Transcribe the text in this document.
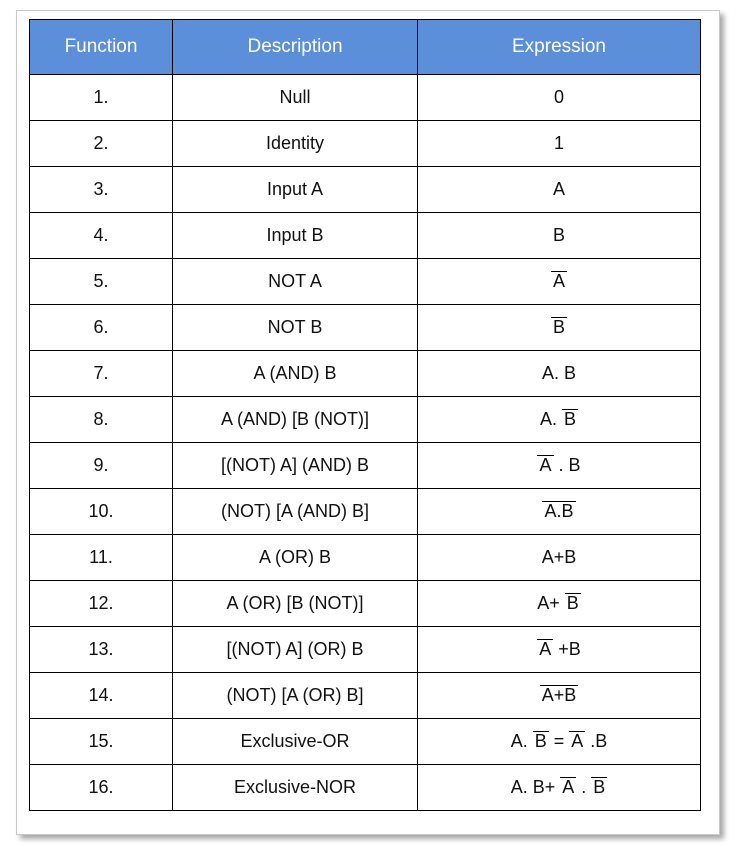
Function	Description	Expression
1.	Null	0
2.	Identity	1
3.	Input A	A
4.	Input B	B
5.	NOT A	A
6.	NOT B	B
7.	A (AND) B	A. B
8.	A (AND) [B (NOT)]	A. B
9.	[(NOT) A] (AND) B	A . B
10.	(NOT) [A (AND) B]	A.B
11.	A (OR) B	A+B
12.	A (OR) [B (NOT)]	A+ B
13.	[(NOT) A] (OR) B	A +B
14.	(NOT) [A (OR) B]	A+B
15.	Exclusive-OR	A. B = A .B
16.	Exclusive-NOR	A. B+ A . B
